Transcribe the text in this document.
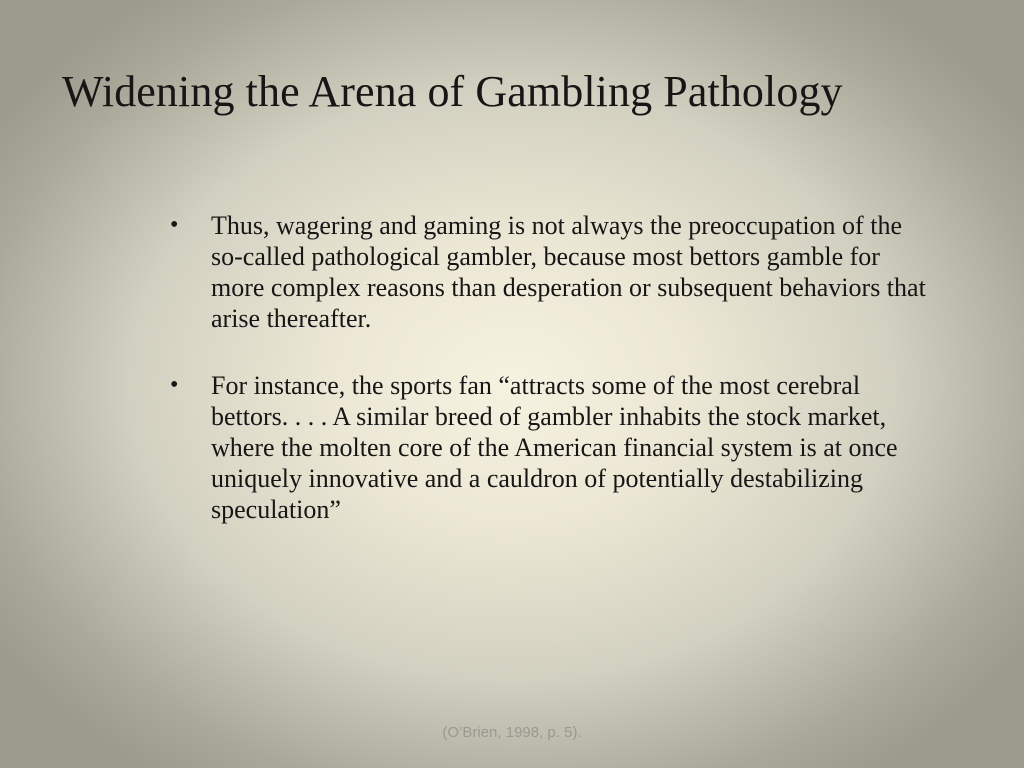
Widening the Arena of Gambling Pathology
•	Thus, wagering and gaming is not always the preoccupation of the so-called pathological gambler, because most bettors gamble for more complex reasons than desperation or subsequent behaviors that arise thereafter.
•	For instance, the sports fan “attracts some of the most cerebral bettors. . . . A similar breed of gambler inhabits the stock market, where the molten core of the American financial system is at once uniquely innovative and a cauldron of potentially destabilizing speculation”
(O’Brien, 1998, p. 5).
